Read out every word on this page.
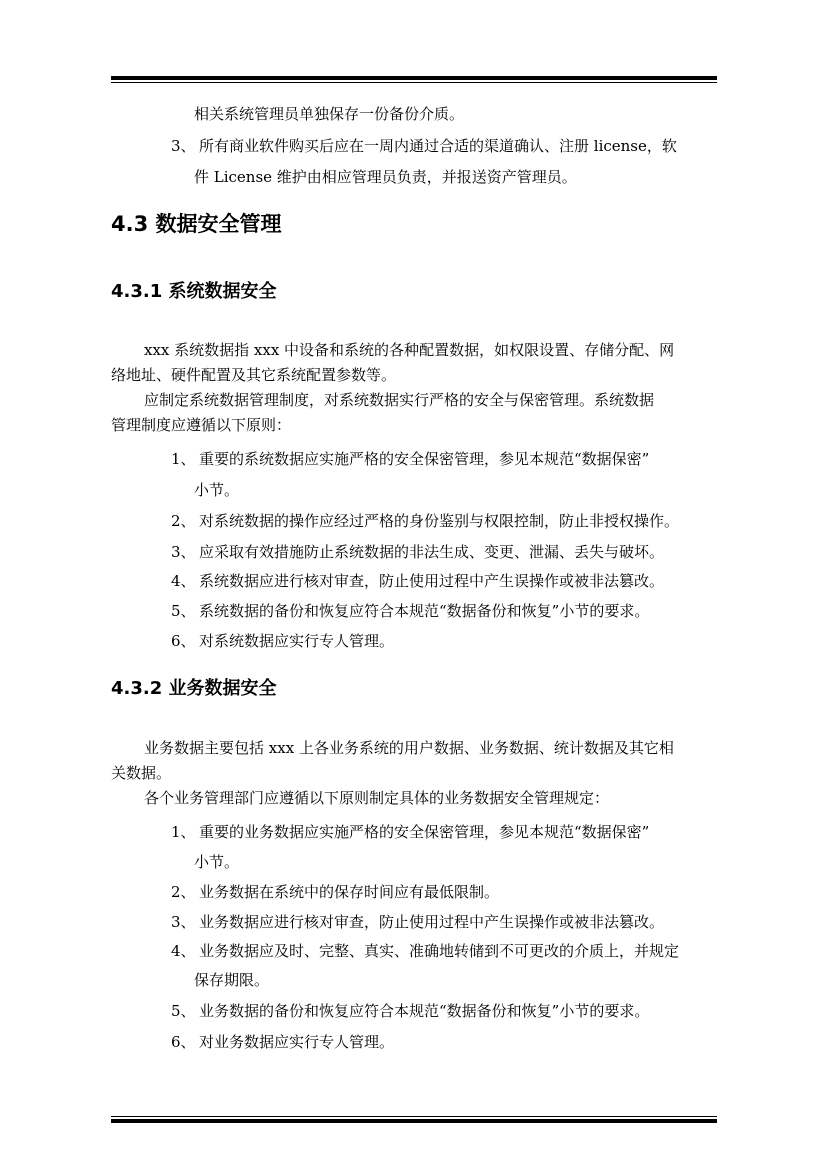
相关系统管理员单独保存一份备份介质。
3、 所有商业软件购买后应在一周内通过合适的渠道确认、注册 license，软
件 License 维护由相应管理员负责，并报送资产管理员。
4.3 数据安全管理
4.3.1 系统数据安全
xxx 系统数据指 xxx 中设备和系统的各种配置数据，如权限设置、存储分配、网
络地址、硬件配置及其它系统配置参数等。
应制定系统数据管理制度，对系统数据实行严格的安全与保密管理。系统数据
管理制度应遵循以下原则：
1、 重要的系统数据应实施严格的安全保密管理，参见本规范“数据保密”
小节。
2、 对系统数据的操作应经过严格的身份鉴别与权限控制，防止非授权操作。
3、 应采取有效措施防止系统数据的非法生成、变更、泄漏、丢失与破坏。
4、 系统数据应进行核对审查，防止使用过程中产生误操作或被非法篡改。
5、 系统数据的备份和恢复应符合本规范“数据备份和恢复”小节的要求。
6、 对系统数据应实行专人管理。
4.3.2 业务数据安全
业务数据主要包括 xxx 上各业务系统的用户数据、业务数据、统计数据及其它相
关数据。
各个业务管理部门应遵循以下原则制定具体的业务数据安全管理规定：
1、 重要的业务数据应实施严格的安全保密管理，参见本规范“数据保密”
小节。
2、 业务数据在系统中的保存时间应有最低限制。
3、 业务数据应进行核对审查，防止使用过程中产生误操作或被非法篡改。
4、 业务数据应及时、完整、真实、准确地转储到不可更改的介质上，并规定
保存期限。
5、 业务数据的备份和恢复应符合本规范“数据备份和恢复”小节的要求。
6、 对业务数据应实行专人管理。
